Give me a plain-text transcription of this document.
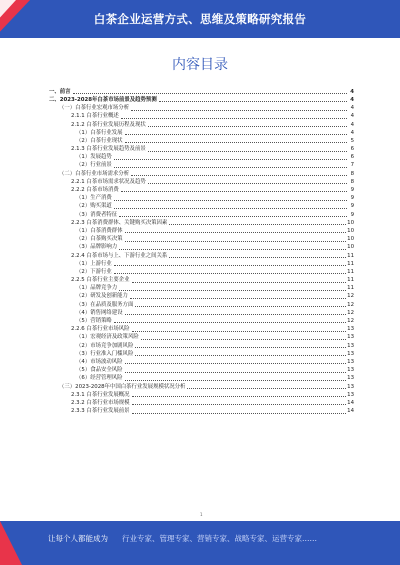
白茶企业运营方式、思维及策略研究报告
内容目录
一、前言	4
二、2023-2028年白茶市场前景及趋势预测	4
（一）白茶行业宏观市场分析	4
2.1.1 白茶行业概述	4
2.1.2 白茶行业发展历程及现状	4
（1）白茶行业发展	4
（2）白茶行业现状	5
2.1.3 白茶行业发展趋势及前景	6
（1）发展趋势	6
（2）行业前景	7
（二）白茶行业市场需求分析	8
2.2.1 白茶市场需求状况及趋势	8
2.2.2 白茶市场消费	9
（1）生产消费	9
（2）购买渠道	9
（3）消费者特征	9
2.2.3 白茶消费群体、关键购买决策因素	10
（1）白茶消费群体	10
（2）白茶购买决策	10
（3）品牌影响力	10
2.2.4 白茶市场与上、下游行业之间关系	11
（1）上游行业	11
（2）下游行业	11
2.2.5 白茶行业主要企业	11
（1）品牌竞争力	11
（2）研发及创新能力	12
（3）在品质及服务方面	12
（4）销售网络建设	12
（5）营销策略	12
2.2.6 白茶行业市场风险	13
（1）宏观经济及政策风险	13
（2）市场竞争加剧风险	13
（3）行业准入门槛风险	13
（4）市场波动风险	13
（5）食品安全风险	13
（6）经营管理风险	13
（三）2023-2028年中国白茶行业发展规模状况分析	13
2.3.1 白茶行业发展概况	13
2.3.2 白茶行业市场规模	14
2.3.3 白茶行业发展前景	14
1
让每个人都能成为 行业专家、管理专家、营销专家、战略专家、运营专家……
